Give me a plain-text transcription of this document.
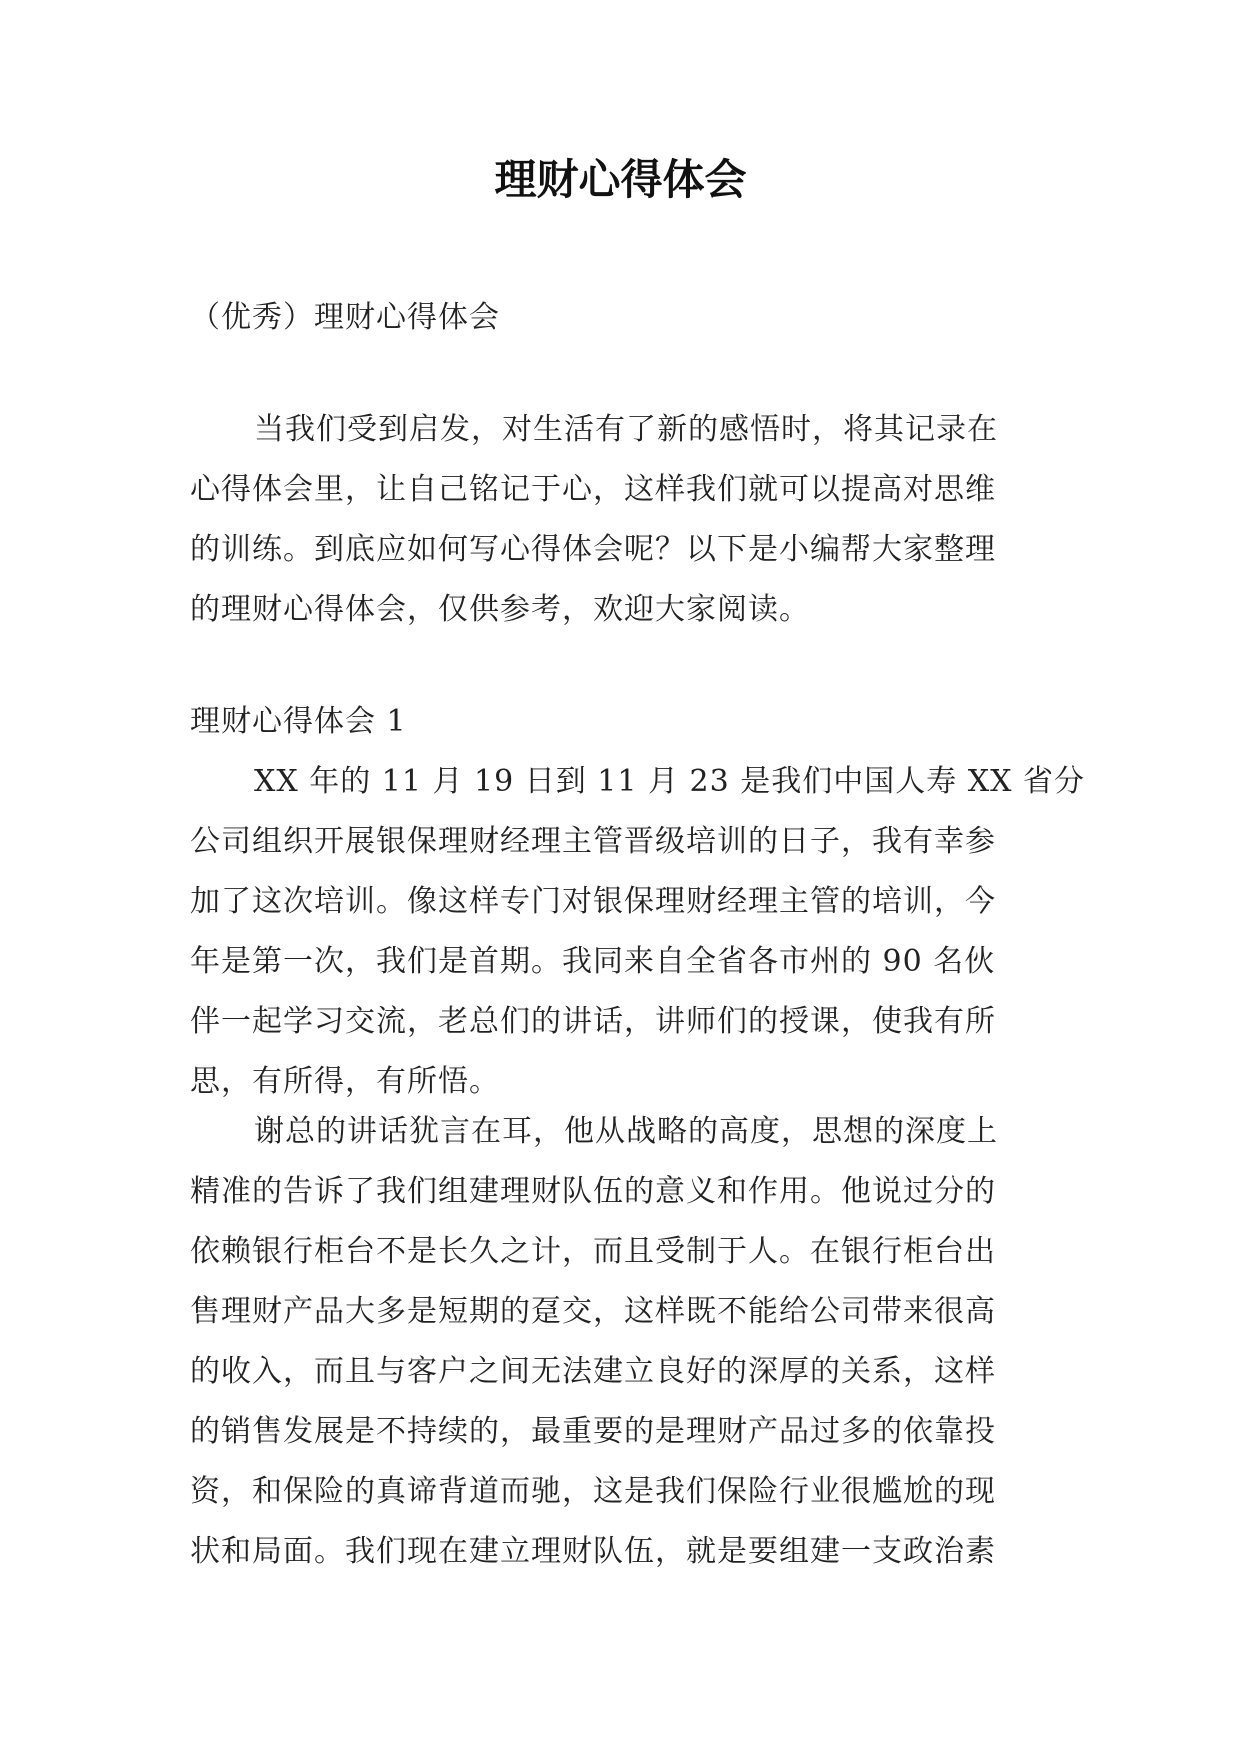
理财心得体会

（优秀）理财心得体会

当我们受到启发，对生活有了新的感悟时，将其记录在
心得体会里，让自己铭记于心，这样我们就可以提高对思维
的训练。到底应如何写心得体会呢？以下是小编帮大家整理
的理财心得体会，仅供参考，欢迎大家阅读。

理财心得体会 1

XX 年的 11 月 19 日到 11 月 23 是我们中国人寿 XX 省分
公司组织开展银保理财经理主管晋级培训的日子，我有幸参
加了这次培训。像这样专门对银保理财经理主管的培训，今
年是第一次，我们是首期。我同来自全省各市州的 90 名伙
伴一起学习交流，老总们的讲话，讲师们的授课，使我有所
思，有所得，有所悟。
谢总的讲话犹言在耳，他从战略的高度，思想的深度上
精准的告诉了我们组建理财队伍的意义和作用。他说过分的
依赖银行柜台不是长久之计，而且受制于人。在银行柜台出
售理财产品大多是短期的趸交，这样既不能给公司带来很高
的收入，而且与客户之间无法建立良好的深厚的关系，这样
的销售发展是不持续的，最重要的是理财产品过多的依靠投
资，和保险的真谛背道而驰，这是我们保险行业很尴尬的现
状和局面。我们现在建立理财队伍，就是要组建一支政治素
